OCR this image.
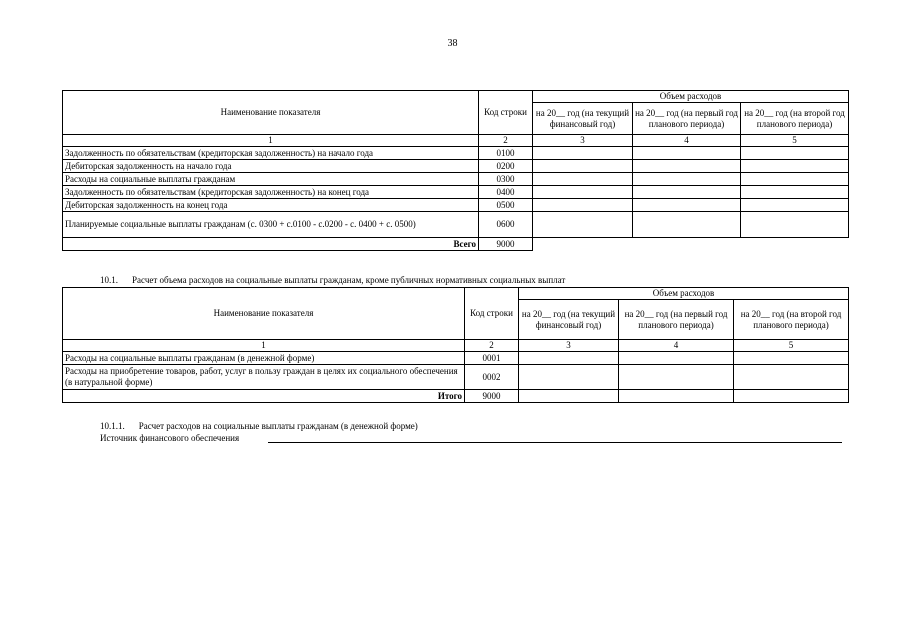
38
Наименование показателя	Код строки	Объем расходов		
		на 20__ год (на текущий финансовый год)	на 20__ год (на первый год планового периода)	на 20__ год (на второй год планового периода)
1	2	3	4	5
Задолженность по обязательствам (кредиторская задолженность) на начало года	0100			
Дебиторская задолженность на начало года	0200			
Расходы на социальные выплаты гражданам	0300			
Задолженность по обязательствам (кредиторская задолженность) на конец года	0400			
Дебиторская задолженность на конец года	0500			
Планируемые социальные выплаты гражданам (с. 0300 + с.0100 - с.0200 - с. 0400 + с. 0500)	0600			
Всего	9000			
10.1. Расчет объема расходов на социальные выплаты гражданам, кроме публичных нормативных социальных выплат
Наименование показателя	Код строки	Объем расходов		
		на 20__ год (на текущий финансовый год)	на 20__ год (на первый год планового периода)	на 20__ год (на второй год планового периода)
1	2	3	4	5
Расходы на социальные выплаты гражданам (в денежной форме)	0001			
Расходы на приобретение товаров, работ, услуг в пользу граждан в целях их социального обеспечения (в натуральной форме)	0002			
Итого	9000			
10.1.1. Расчет расходов на социальные выплаты гражданам (в денежной форме)
Источник финансового обеспечения
